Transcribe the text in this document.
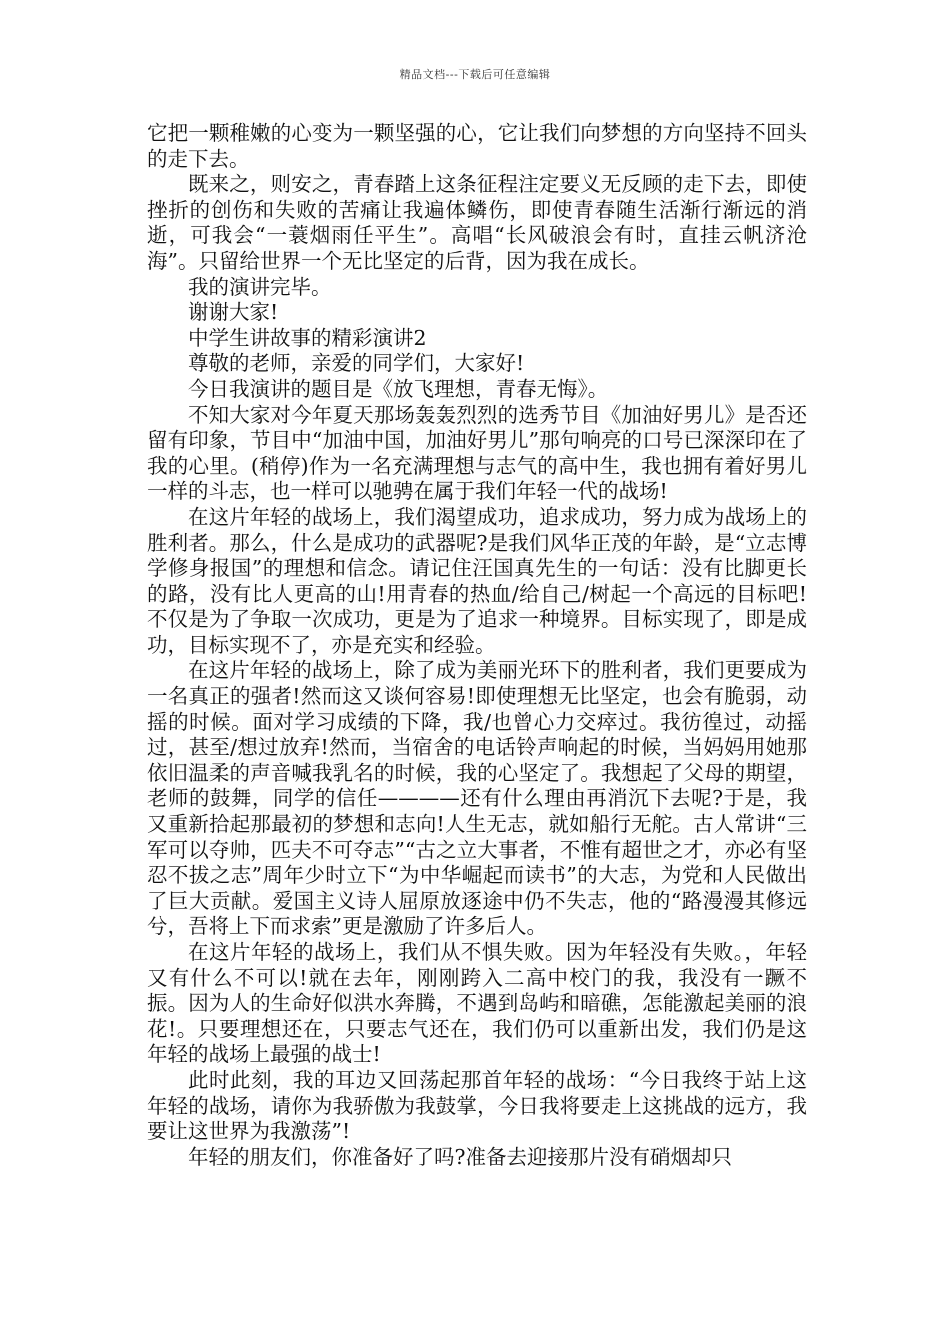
精品文档---下载后可任意编辑

它把一颗稚嫩的心变为一颗坚强的心，它让我们向梦想的方向坚持不回头的走下去。

既来之，则安之，青春踏上这条征程注定要义无反顾的走下去，即使挫折的创伤和失败的苦痛让我遍体鳞伤，即使青春随生活渐行渐远的消逝，可我会“一蓑烟雨任平生”。高唱“长风破浪会有时，直挂云帆济沧海”。只留给世界一个无比坚定的后背，因为我在成长。

我的演讲完毕。

谢谢大家!

中学生讲故事的精彩演讲2

尊敬的老师，亲爱的同学们，大家好!

今日我演讲的题目是《放飞理想，青春无悔》。

不知大家对今年夏天那场轰轰烈烈的选秀节目《加油好男儿》是否还留有印象，节目中“加油中国，加油好男儿”那句响亮的口号已深深印在了我的心里。(稍停)作为一名充满理想与志气的高中生，我也拥有着好男儿一样的斗志，也一样可以驰骋在属于我们年轻一代的战场!

在这片年轻的战场上，我们渴望成功，追求成功，努力成为战场上的胜利者。那么，什么是成功的武器呢?是我们风华正茂的年龄，是“立志博学修身报国”的理想和信念。请记住汪国真先生的一句话：没有比脚更长的路，没有比人更高的山!用青春的热血/给自己/树起一个高远的目标吧!不仅是为了争取一次成功，更是为了追求一种境界。目标实现了，即是成功，目标实现不了，亦是充实和经验。

在这片年轻的战场上，除了成为美丽光环下的胜利者，我们更要成为一名真正的强者!然而这又谈何容易!即使理想无比坚定，也会有脆弱，动摇的时候。面对学习成绩的下降，我/也曾心力交瘁过。我彷徨过，动摇过，甚至/想过放弃!然而，当宿舍的电话铃声响起的时候，当妈妈用她那依旧温柔的声音喊我乳名的时候，我的心坚定了。我想起了父母的期望，老师的鼓舞，同学的信任————还有什么理由再消沉下去呢?于是，我又重新拾起那最初的梦想和志向!人生无志，就如船行无舵。古人常讲“三军可以夺帅，匹夫不可夺志”“古之立大事者，不惟有超世之才，亦必有坚忍不拔之志”周年少时立下“为中华崛起而读书”的大志，为党和人民做出了巨大贡献。爱国主义诗人屈原放逐途中仍不失志，他的“路漫漫其修远兮，吾将上下而求索”更是激励了许多后人。

在这片年轻的战场上，我们从不惧失败。因为年轻没有失败。，年轻又有什么不可以!就在去年，刚刚跨入二高中校门的我，我没有一蹶不振。因为人的生命好似洪水奔腾，不遇到岛屿和暗礁，怎能激起美丽的浪花!。只要理想还在，只要志气还在，我们仍可以重新出发，我们仍是这年轻的战场上最强的战士!

此时此刻，我的耳边又回荡起那首年轻的战场：“今日我终于站上这年轻的战场，请你为我骄傲为我鼓掌，今日我将要走上这挑战的远方，我要让这世界为我激荡”!

年轻的朋友们，你准备好了吗?准备去迎接那片没有硝烟却只
